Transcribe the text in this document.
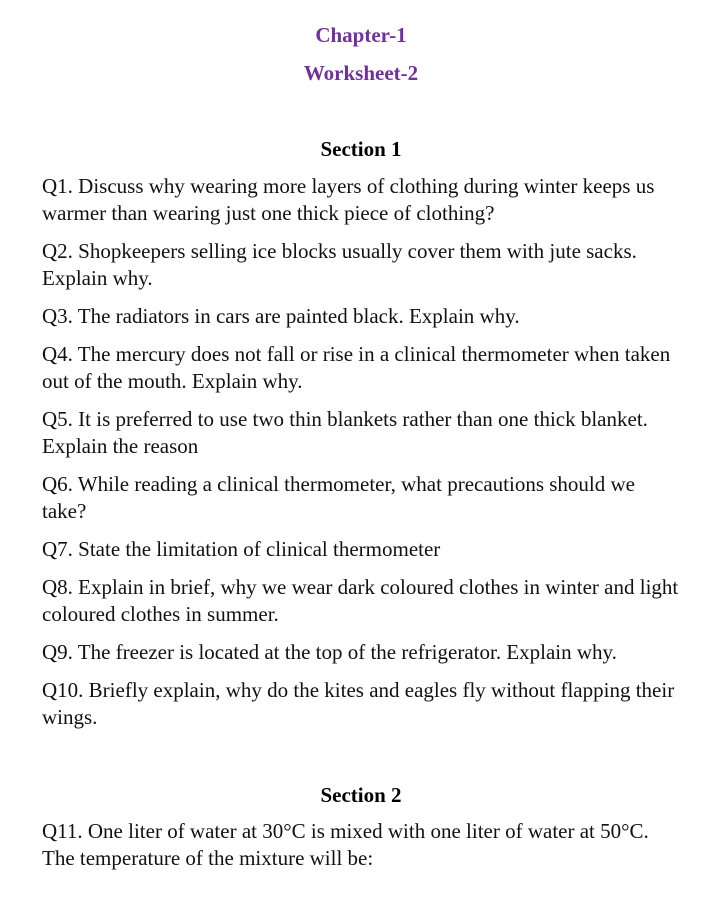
Chapter-1
Worksheet-2
Section 1

Q1. Discuss why wearing more layers of clothing during winter keeps us warmer than wearing just one thick piece of clothing?

Q2. Shopkeepers selling ice blocks usually cover them with jute sacks. Explain why.

Q3. The radiators in cars are painted black. Explain why.

Q4. The mercury does not fall or rise in a clinical thermometer when taken out of the mouth. Explain why.

Q5. It is preferred to use two thin blankets rather than one thick blanket. Explain the reason

Q6. While reading a clinical thermometer, what precautions should we take?

Q7. State the limitation of clinical thermometer

Q8. Explain in brief, why we wear dark coloured clothes in winter and light coloured clothes in summer.

Q9. The freezer is located at the top of the refrigerator. Explain why.

Q10. Briefly explain, why do the kites and eagles fly without flapping their wings.

Section 2

Q11. One liter of water at 30°C is mixed with one liter of water at 50°C. The temperature of the mixture will be:
